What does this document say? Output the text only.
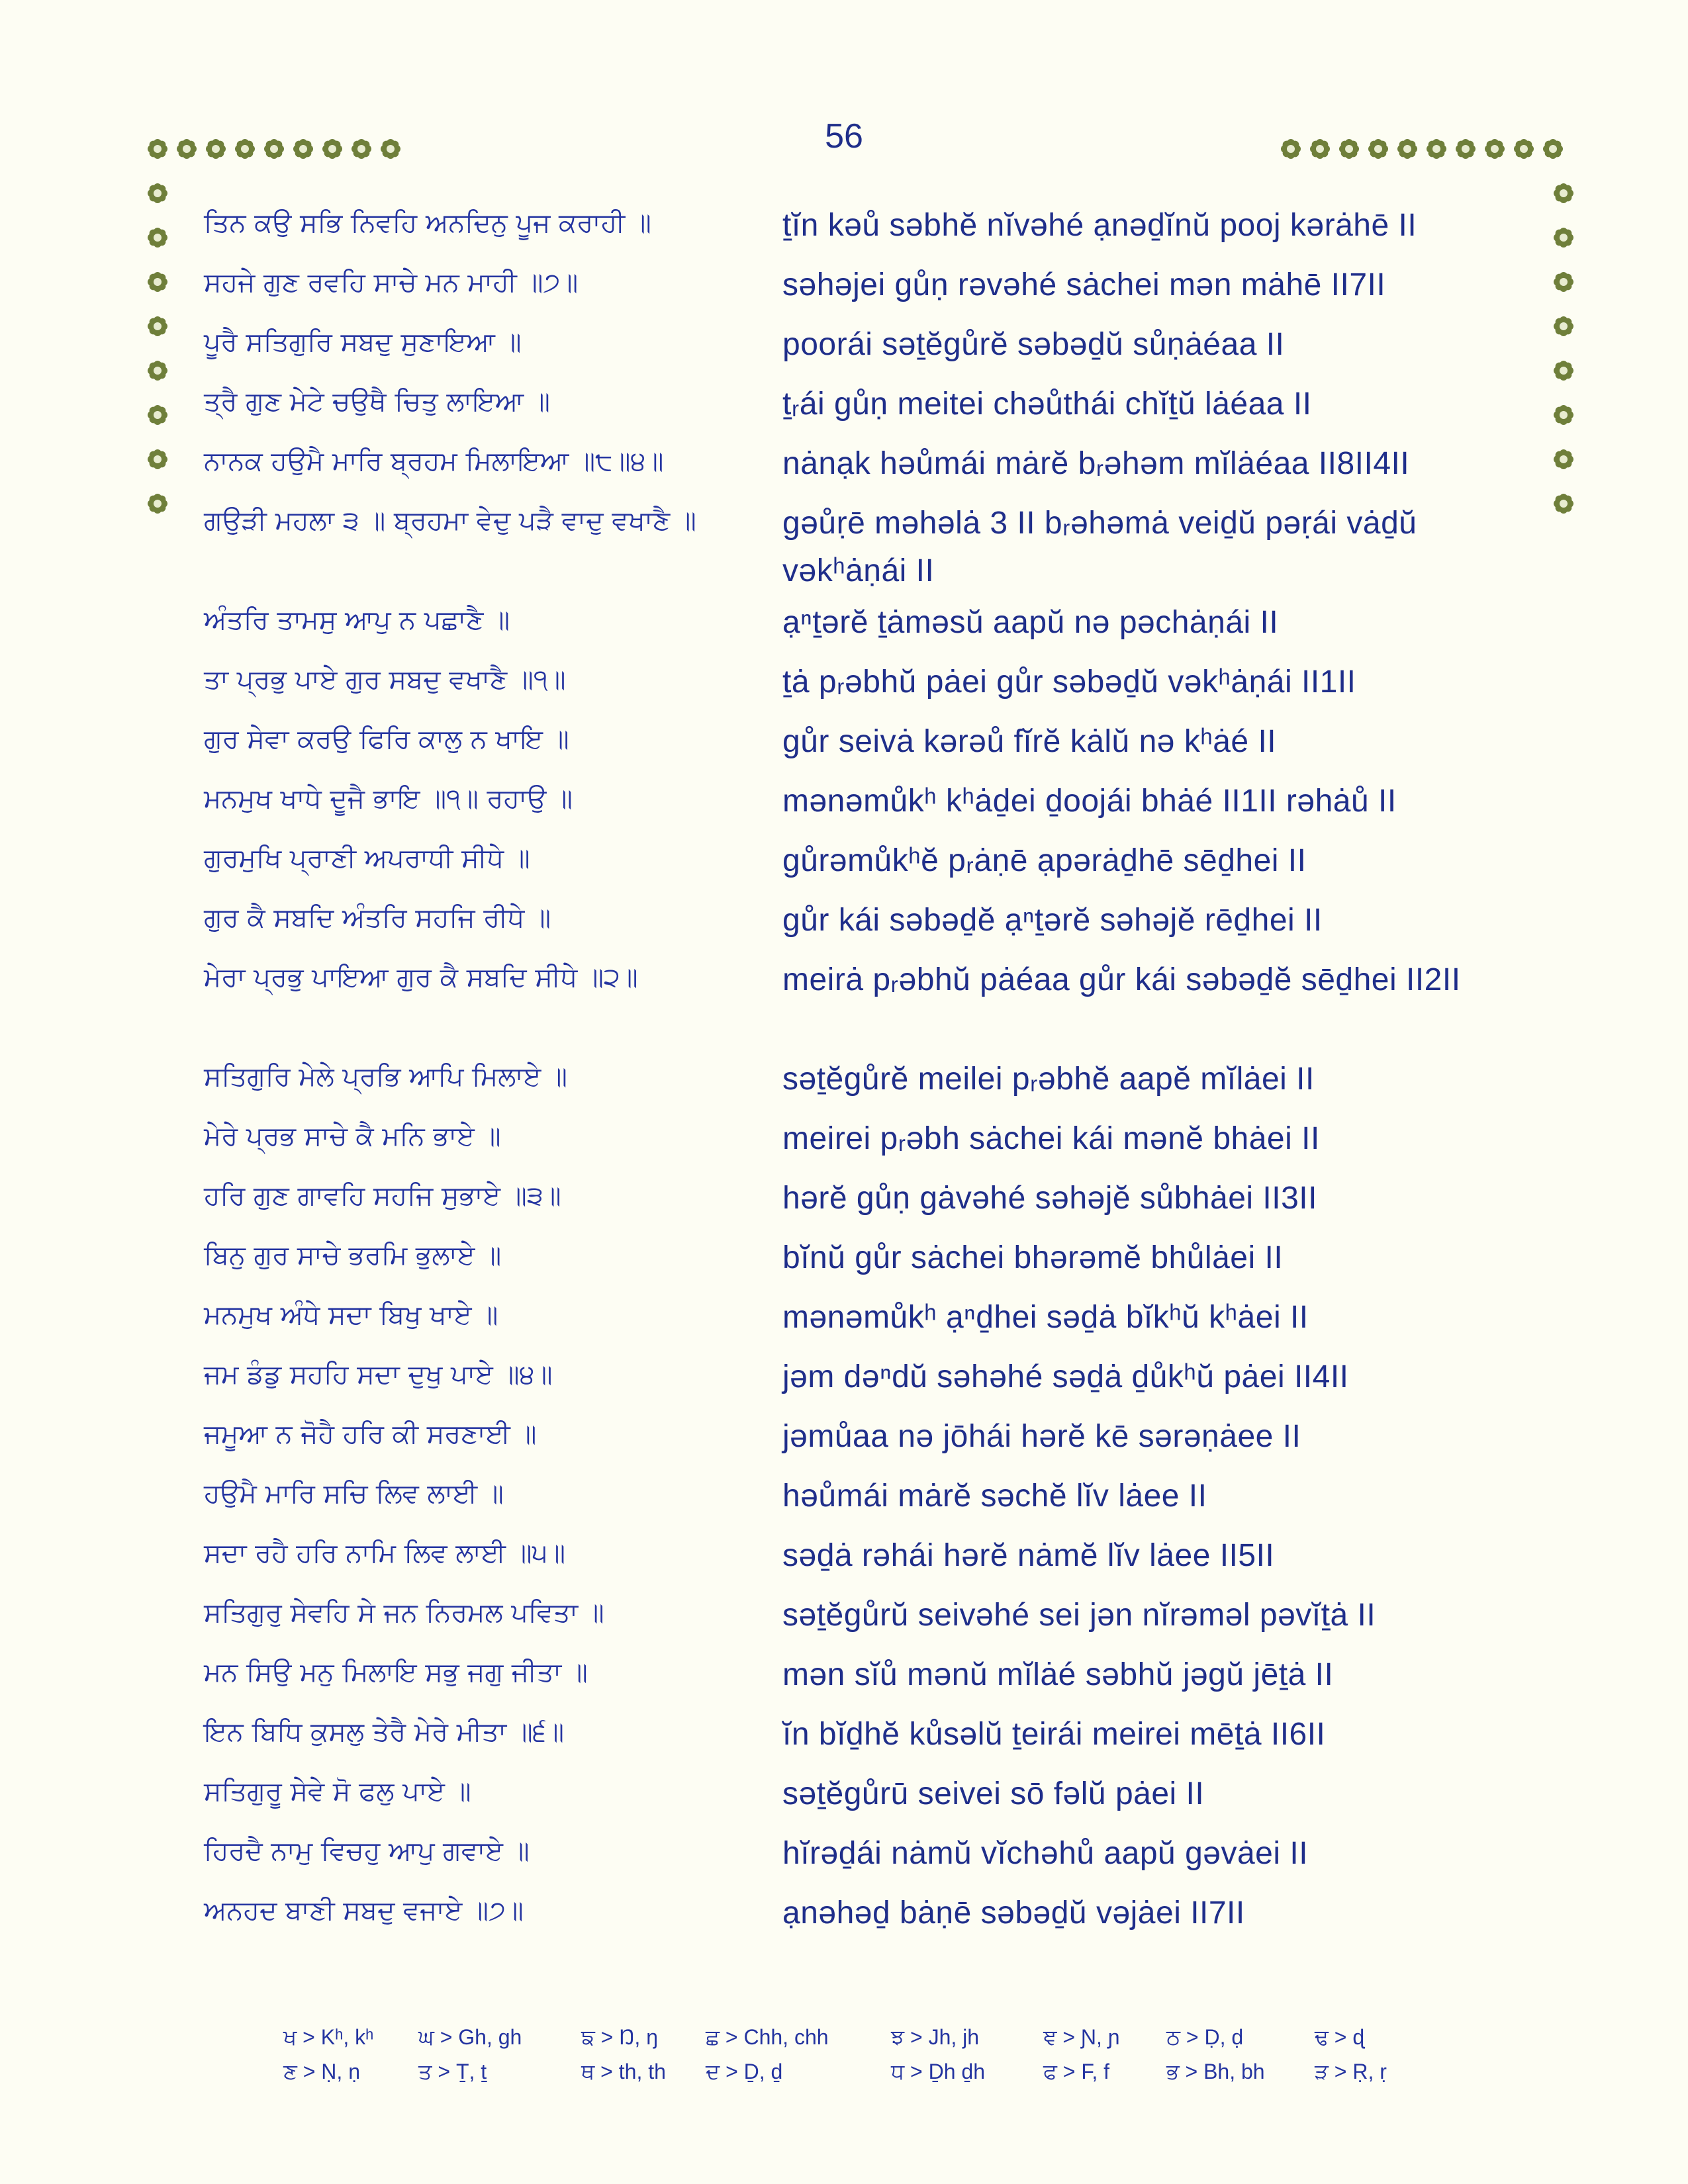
56
ਤਿਨ ਕਉ ਸਭਿ ਨਿਵਹਿ ਅਨਦਿਨੁ ਪੂਜ ਕਰਾਹੀ ॥	ṯĭn kəů səbhĕ nĭvəhé ạnəḏĭnŭ pooj kərȧhē II
ਸਹਜੇ ਗੁਣ ਰਵਹਿ ਸਾਚੇ ਮਨ ਮਾਹੀ ॥੭॥	səhəjei gůṇ rəvəhé sȧchei mən mȧhē II7II
ਪੂਰੈ ਸਤਿਗੁਰਿ ਸਬਦੁ ਸੁਣਾਇਆ ॥	poorái səṯĕgůrĕ səbəḏŭ sůṇȧéaa II
ਤ੍ਰੈ ਗੁਣ ਮੇਟੇ ਚਉਥੈ ਚਿਤੁ ਲਾਇਆ ॥	ṯᵣái gůṇ meitei chəůthái chĭṯŭ lȧéaa II
ਨਾਨਕ ਹਉਮੈ ਮਾਰਿ ਬ੍ਰਹਮ ਮਿਲਾਇਆ ॥੮॥੪॥	nȧnạk həůmái mȧrĕ bᵣəhəm mĭlȧéaa II8II4II
ਗਉੜੀ ਮਹਲਾ ੩ ॥ ਬ੍ਰਹਮਾ ਵੇਦੁ ਪੜੈ ਵਾਦੁ ਵਖਾਣੈ ॥	gəůṛē məhəlȧ 3 II bᵣəhəmȧ veiḏŭ pəṛái vȧḏŭ vəkʰȧṇái II
ਅੰਤਰਿ ਤਾਮਸੁ ਆਪੁ ਨ ਪਛਾਣੈ ॥	ạⁿṯərĕ ṯȧməsŭ aapŭ nə pəchȧṇái II
ਤਾ ਪ੍ਰਭੁ ਪਾਏ ਗੁਰ ਸਬਦੁ ਵਖਾਣੈ ॥੧॥	ṯȧ pᵣəbhŭ pȧei gůr səbəḏŭ vəkʰȧṇái II1II
ਗੁਰ ਸੇਵਾ ਕਰਉ ਫਿਰਿ ਕਾਲੁ ਨ ਖਾਇ ॥	gůr seivȧ kərəů fĭrĕ kȧlŭ nə kʰȧé II
ਮਨਮੁਖ ਖਾਧੇ ਦੂਜੈ ਭਾਇ ॥੧॥ ਰਹਾਉ ॥	mənəmůkʰ kʰȧḏei ḏoojái bhȧé II1II rəhȧů II
ਗੁਰਮੁਖਿ ਪ੍ਰਾਣੀ ਅਪਰਾਧੀ ਸੀਧੇ ॥	gůrəmůkʰĕ pᵣȧṇē ạpərȧḏhē sēḏhei II
ਗੁਰ ਕੈ ਸਬਦਿ ਅੰਤਰਿ ਸਹਜਿ ਰੀਧੇ ॥	gůr kái səbəḏĕ ạⁿṯərĕ səhəjĕ rēḏhei II
ਮੇਰਾ ਪ੍ਰਭੁ ਪਾਇਆ ਗੁਰ ਕੈ ਸਬਦਿ ਸੀਧੇ ॥੨॥	meirȧ pᵣəbhŭ pȧéaa gůr kái səbəḏĕ sēḏhei II2II
ਸਤਿਗੁਰਿ ਮੇਲੇ ਪ੍ਰਭਿ ਆਪਿ ਮਿਲਾਏ ॥	səṯĕgůrĕ meilei pᵣəbhĕ aapĕ mĭlȧei II
ਮੇਰੇ ਪ੍ਰਭ ਸਾਚੇ ਕੈ ਮਨਿ ਭਾਏ ॥	meirei pᵣəbh sȧchei kái mənĕ bhȧei II
ਹਰਿ ਗੁਣ ਗਾਵਹਿ ਸਹਜਿ ਸੁਭਾਏ ॥੩॥	hərĕ gůṇ gȧvəhé səhəjĕ sůbhȧei II3II
ਬਿਨੁ ਗੁਰ ਸਾਚੇ ਭਰਮਿ ਭੁਲਾਏ ॥	bĭnŭ gůr sȧchei bhərəmĕ bhůlȧei II
ਮਨਮੁਖ ਅੰਧੇ ਸਦਾ ਬਿਖੁ ਖਾਏ ॥	mənəmůkʰ ạⁿḏhei səḏȧ bĭkʰŭ kʰȧei II
ਜਮ ਡੰਡੁ ਸਹਹਿ ਸਦਾ ਦੁਖੁ ਪਾਏ ॥੪॥	jəm dəⁿdŭ səhəhé səḏȧ ḏůkʰŭ pȧei II4II
ਜਮੂਆ ਨ ਜੋਹੈ ਹਰਿ ਕੀ ਸਰਣਾਈ ॥	jəmůaa nə jōhái hərĕ kē sərəṇȧee II
ਹਉਮੈ ਮਾਰਿ ਸਚਿ ਲਿਵ ਲਾਈ ॥	həůmái mȧrĕ səchĕ lĭv lȧee II
ਸਦਾ ਰਹੈ ਹਰਿ ਨਾਮਿ ਲਿਵ ਲਾਈ ॥੫॥	səḏȧ rəhái hərĕ nȧmĕ lĭv lȧee II5II
ਸਤਿਗੁਰੁ ਸੇਵਹਿ ਸੇ ਜਨ ਨਿਰਮਲ ਪਵਿਤਾ ॥	səṯĕgůrŭ seivəhé sei jən nĭrəməl pəvĭṯȧ II
ਮਨ ਸਿਉ ਮਨੁ ਮਿਲਾਇ ਸਭੁ ਜਗੁ ਜੀਤਾ ॥	mən sĭů mənŭ mĭlȧé səbhŭ jəgŭ jēṯȧ II
ਇਨ ਬਿਧਿ ਕੁਸਲੁ ਤੇਰੈ ਮੇਰੇ ਮੀਤਾ ॥੬॥	ĭn bĭḏhĕ kůsəlŭ ṯeirái meirei mēṯȧ II6II
ਸਤਿਗੁਰੂ ਸੇਵੇ ਸੋ ਫਲੁ ਪਾਏ ॥	səṯĕgůrū seivei sō fəlŭ pȧei II
ਹਿਰਦੈ ਨਾਮੁ ਵਿਚਹੁ ਆਪੁ ਗਵਾਏ ॥	hĭrəḏái nȧmŭ vĭchəhů aapŭ gəvȧei II
ਅਨਹਦ ਬਾਣੀ ਸਬਦੁ ਵਜਾਏ ॥੭॥	ạnəhəḏ bȧṇē səbəḏŭ vəjȧei II7II
ਖ > Kʰ, kʰ ਘ > Gh, gh	ਙ > Ŋ, ŋ ਛ > Chh, chh	ਝ > Jh, jh	ਞ > Ɲ, ɲ ਠ > Ḍ, ḍ	ਢ > ɖ
ਣ > Ṇ, ṇ	ਤ > Ṯ, ṯ	ਥ > th, th ਦ > Ḏ, ḏ	ਧ > Ḏh ḏh	ਫ > F, f	ਭ > Bh, bh ੜ > Ṛ, ṛ
